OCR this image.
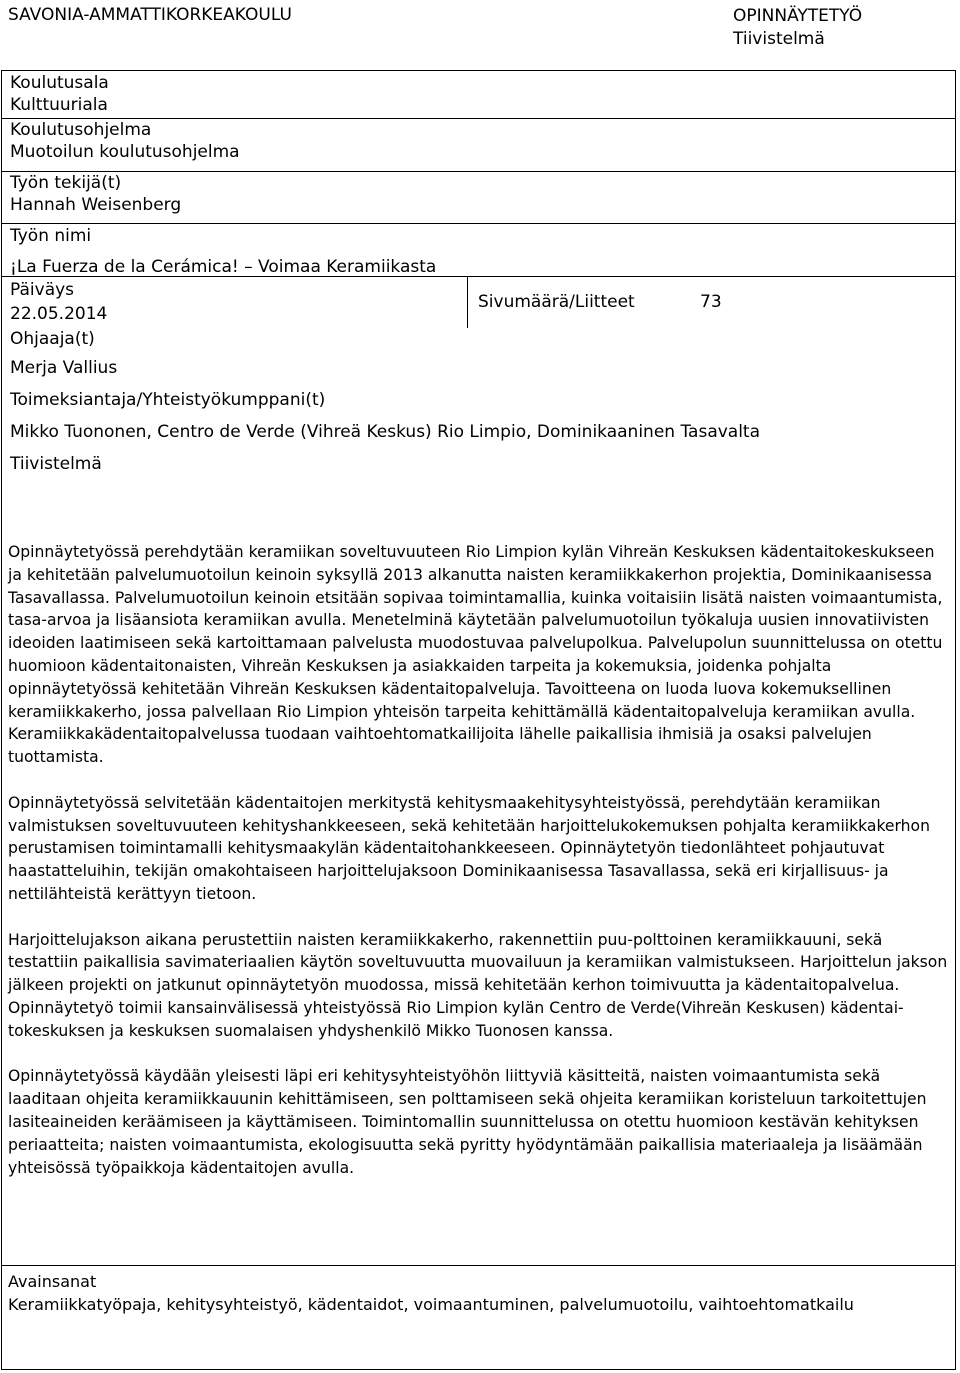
SAVONIA-AMMATTIKORKEAKOULU	OPINNÄYTETYÖ
Tiivistelmä
Koulutusala
Kulttuuriala
Koulutusohjelma
Muotoilun koulutusohjelma
Työn tekijä(t)
Hannah Weisenberg
Työn nimi
¡La Fuerza de la Cerámica! – Voimaa Keramiikasta
Päiväys
22.05.2014
Sivumäärä/Liitteet	73
Ohjaaja(t)
Merja Vallius
Toimeksiantaja/Yhteistyökumppani(t)
Mikko Tuononen, Centro de Verde (Vihreä Keskus) Rio Limpio, Dominikaaninen Tasavalta
Tiivistelmä

Opinnäytetyössä perehdytään keramiikan soveltuvuuteen Rio Limpion kylän Vihreän Keskuksen kädentaitokeskukseen ja kehitetään palvelumuotoilun keinoin syksyllä 2013 alkanutta naisten keramiikkakerhon projektia, Dominikaanisessa Tasavallassa. Palvelumuotoilun keinoin etsitään sopivaa toimintamallia, kuinka voitaisiin lisätä naisten voimaantumista, tasa-arvoa ja lisäansiota keramiikan avulla. Menetelminä käytetään palvelumuotoilun työkaluja uusien innovatiivisten ideoiden laatimiseen sekä kartoittamaan palvelusta muodostuvaa palvelupolkua. Palvelupolun suunnittelussa on otettu huomioon kädentaitonaisten, Vihreän Keskuksen ja asiakkaiden tarpeita ja kokemuksia, joidenka pohjalta opinnäytetyössä kehitetään Vihreän Keskuksen kädentaitopalveluja. Tavoitteena on luoda luova kokemuksellinen keramiikkakerho, jossa palvellaan Rio Limpion yhteisön tarpeita kehittämällä kädentaitopalveluja keramiikan avulla. Keramiikkakädentaitopalvelussa tuodaan vaihtoehtomatkailijoita lähelle paikallisia ihmisiä ja osaksi palvelujen tuottamista.

Opinnäytetyössä selvitetään kädentaitojen merkitystä kehitysmaakehitysyhteistyössä, perehdytään keramiikan valmistuksen soveltuvuuteen kehityshankkeeseen, sekä kehitetään harjoittelukokemuksen pohjalta keramiikkakerhon perustamisen toimintamalli kehitysmaakylän kädentaitohankkeeseen. Opinnäytetyön tiedonlähteet pohjautuvat haastatteluihin, tekijän omakohtaiseen harjoittelujaksoon Dominikaanisessa Tasavallassa, sekä eri kirjallisuus- ja nettilähteistä kerättyyn tietoon.

Harjoittelujakson aikana perustettiin naisten keramiikkakerho, rakennettiin puu-polttoinen keramiikkauuni, sekä testattiin paikallisia savimateriaalien käytön soveltuvuutta muovailuun ja keramiikan valmistukseen. Harjoittelun jakson jälkeen projekti on jatkunut opinnäytetyön muodossa, missä kehitetään kerhon toimivuutta ja kädentaitopalvelua. Opinnäytetyö toimii kansainvälisessä yhteistyössä Rio Limpion kylän Centro de Verde(Vihreän Keskusen) kädentai-tokeskuksen ja keskuksen suomalaisen yhdyshenkilö Mikko Tuonosen kanssa.

Opinnäytetyössä käydään yleisesti läpi eri kehitysyhteistyöhön liittyviä käsitteitä, naisten voimaantumista sekä laaditaan ohjeita keramiikkauunin kehittämiseen, sen polttamiseen sekä ohjeita keramiikan koristeluun tarkoitettujen lasiteaineiden keräämiseen ja käyttämiseen. Toimintomallin suunnittelussa on otettu huomioon kestävän kehityksen periaatteita; naisten voimaantumista, ekologisuutta sekä pyritty hyödyntämään paikallisia materiaaleja ja lisäämään yhteisössä työpaikkoja kädentaitojen avulla.

Avainsanat
Keramiikkatyöpaja, kehitysyhteistyö, kädentaidot, voimaantuminen, palvelumuotoilu, vaihtoehtomatkailu
